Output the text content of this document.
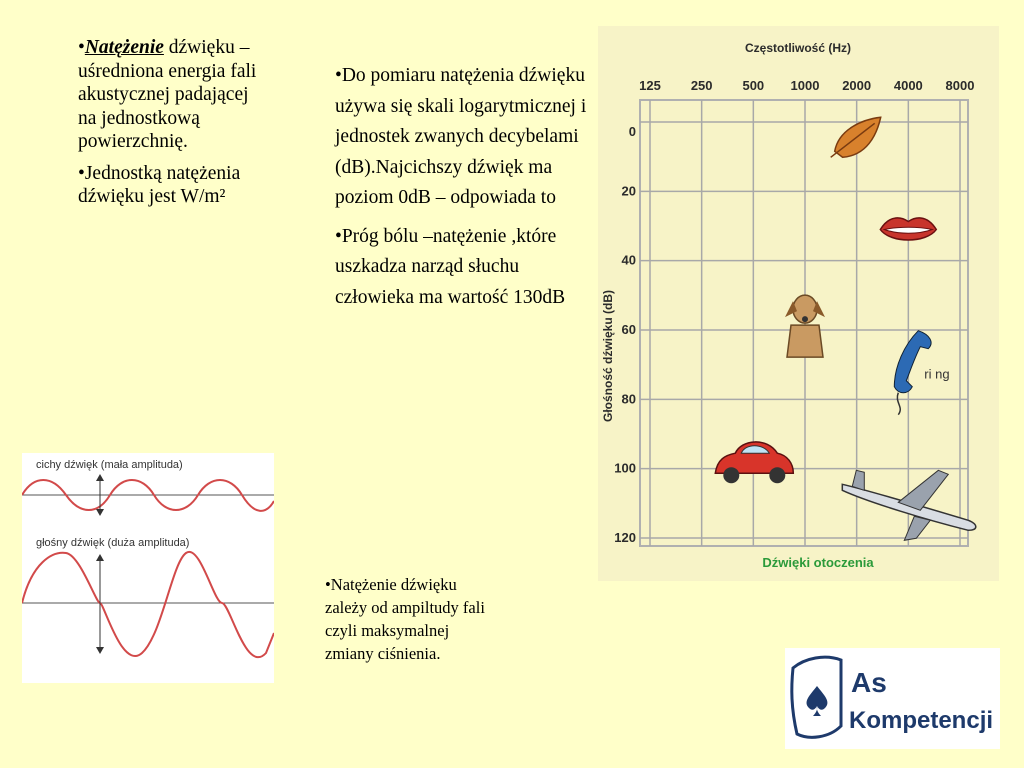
•Natężenie dźwięku – uśredniona energia fali akustycznej padającej na jednostkową powierzchnię.

•Jednostką natężenia dźwięku jest W/m²

•Do pomiaru natężenia dźwięku używa się skali logarytmicznej i jednostek zwanych decybelami (dB).Najcichszy dźwięk ma poziom 0dB – odpowiada to

•Próg bólu –natężenie ,które uszkadza narząd słuchu człowieka ma wartość 130dB

•Natężenie dźwięku zależy od ampiltudy fali czyli maksymalnej zmiany ciśnienia.

cichy dźwięk (mała amplituda)
głośny dźwięk (duża amplituda)
Częstotliwość (Hz)
125 250 500 1000 2000 4000 8000
0
20
40
60
80
100
120
Głośność dźwięku (dB)
Dźwięki otoczenia
ri ng
As
Kompetencji
